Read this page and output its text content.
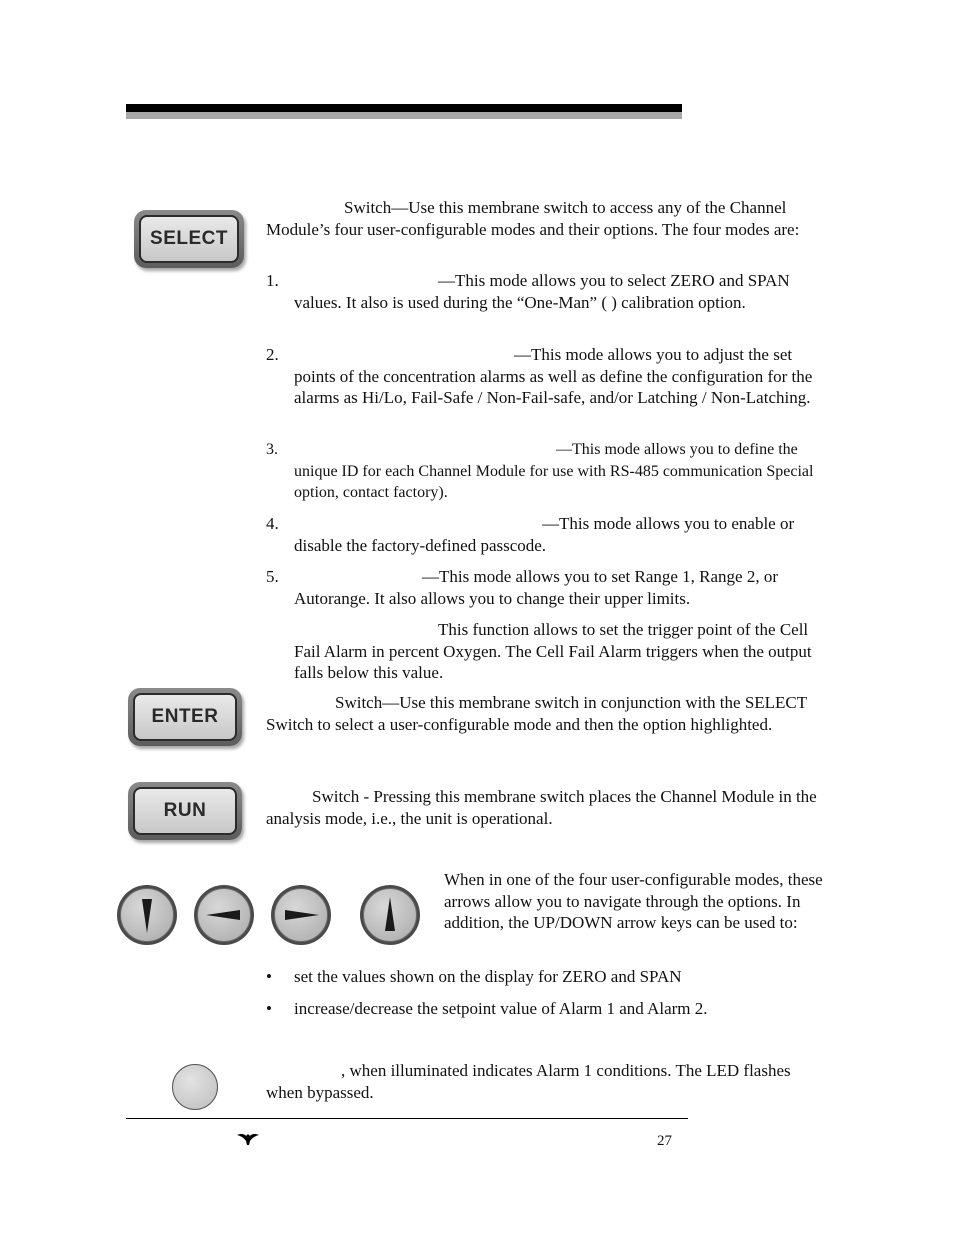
SELECT

Switch—Use this membrane switch to access any of the Channel Module’s four user-configurable modes and their options. The four modes are:

1.	—This mode allows you to select ZERO and SPAN values. It also is used during the “One-Man” ( ) calibration option.
2.	—This mode allows you to adjust the set points of the concentration alarms as well as define the configuration for the alarms as Hi/Lo, Fail-Safe / Non-Fail-safe, and/or Latching / Non-Latching.
3.	—This mode allows you to define the unique ID for each Channel Module for use with RS-485 communication Special option, contact factory).
4.	—This mode allows you to enable or disable the factory-defined passcode.
5.	—This mode allows you to set Range 1, Range 2, or Autorange. It also allows you to change their upper limits.
This function allows to set the trigger point of the Cell Fail Alarm in percent Oxygen. The Cell Fail Alarm triggers when the output falls below this value.
ENTER

Switch—Use this membrane switch in conjunction with the SELECT Switch to select a user-configurable mode and then the option highlighted.

RUN

Switch - Pressing this membrane switch places the Channel Module in the analysis mode, i.e., the unit is operational.

When in one of the four user-configurable modes, these arrows allow you to navigate through the options. In addition, the UP/DOWN arrow keys can be used to:

•	set the values shown on the display for ZERO and SPAN
•	increase/decrease the setpoint value of Alarm 1 and Alarm 2.

, when illuminated indicates Alarm 1 conditions. The LED flashes when bypassed.

27
